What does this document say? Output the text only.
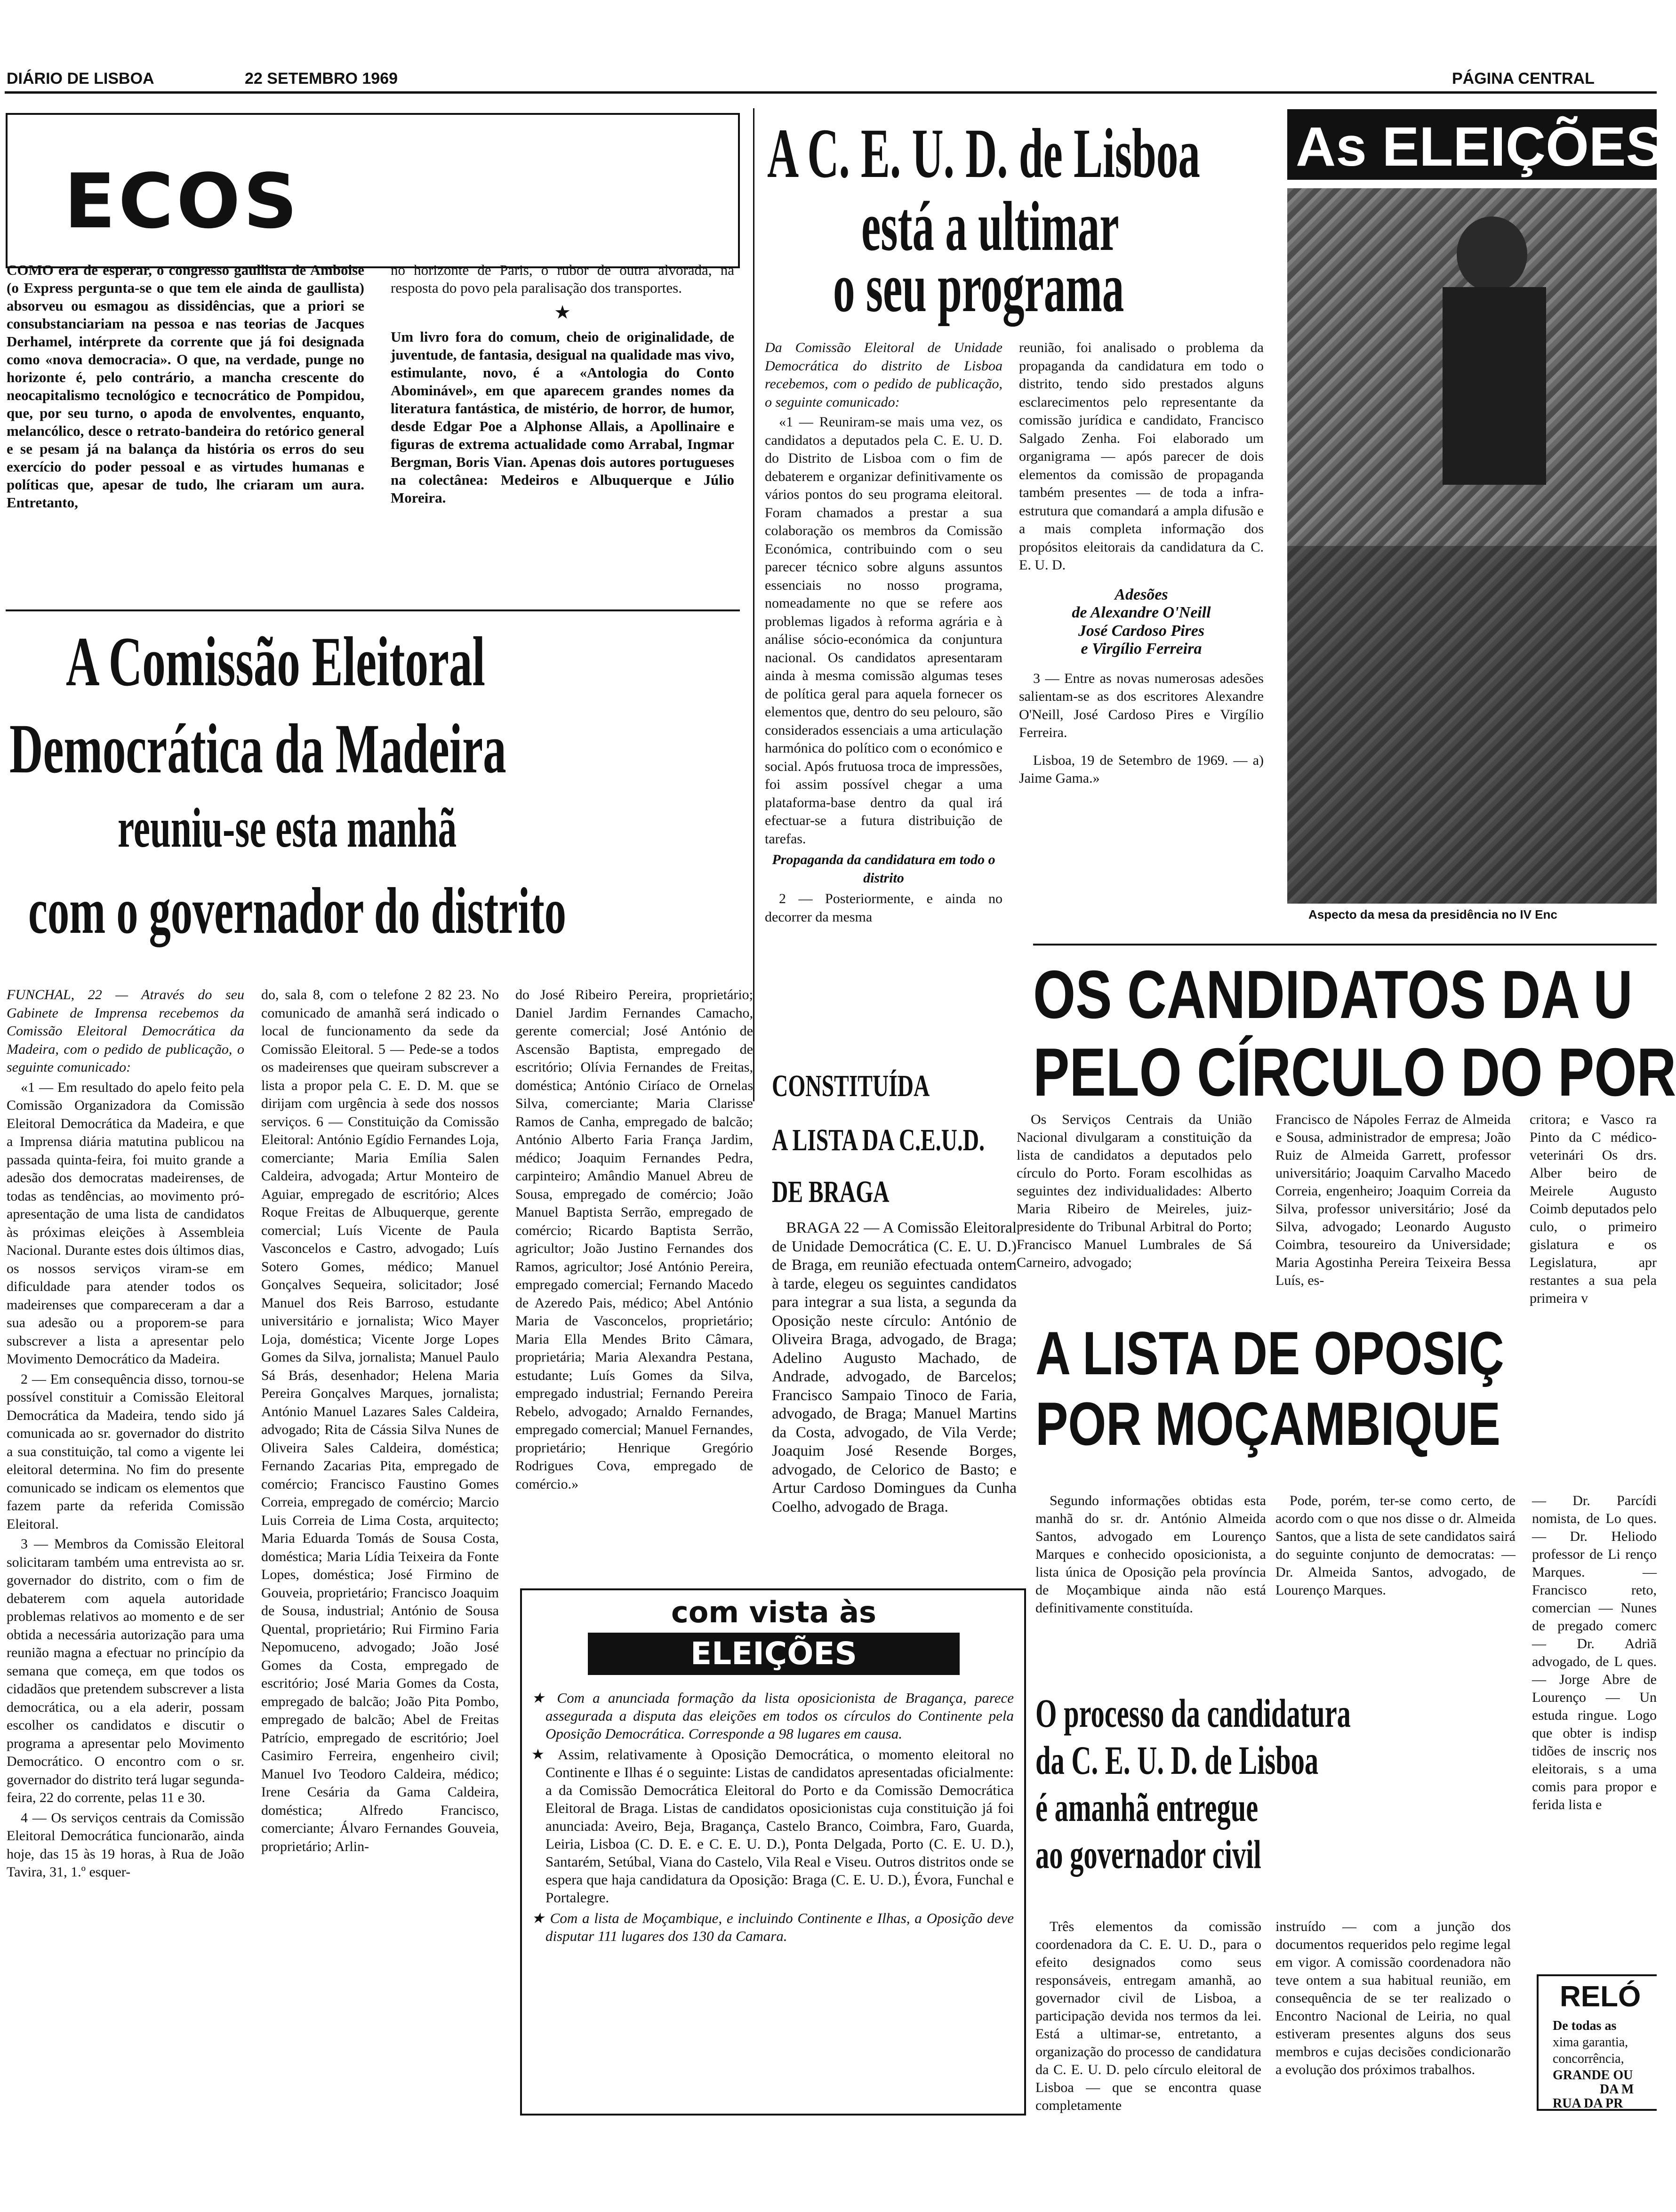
DIÁRIO DE LISBOA	22 SETEMBRO 1969	PÁGINA CENTRAL
ECOS
COMO era de esperar, o congresso gaullista de Amboise (o Express pergunta-se o que tem ele ainda de gaullista) absorveu ou esmagou as dissidências, que a priori se consubstanciariam na pessoa e nas teorias de Jacques Derhamel, intérprete da corrente que já foi designada como «nova democracia». O que, na verdade, punge no horizonte é, pelo contrário, a mancha crescente do neocapitalismo tecnológico e tecnocrático de Pompidou, que, por seu turno, o apoda de envolventes, enquanto, melancólico, desce o retrato-bandeira do retórico general e se pesam já na balança da história os erros do seu exercício do poder pessoal e as virtudes humanas e políticas que, apesar de tudo, lhe criaram um aura. Entretanto,
no horizonte de Paris, o rubor de outra alvorada, na resposta do povo pela paralisação dos transportes.
★
Um livro fora do comum, cheio de originalidade, de juventude, de fantasia, desigual na qualidade mas vivo, estimulante, novo, é a «Antologia do Conto Abominável», em que aparecem grandes nomes da literatura fantástica, de mistério, de horror, de humor, desde Edgar Poe a Alphonse Allais, a Apollinaire e figuras de extrema actualidade como Arrabal, Ingmar Bergman, Boris Vian. Apenas dois autores portugueses na colectânea: Medeiros e Albuquerque e Júlio Moreira.
A Comissão Eleitoral
Democrática da Madeira
reuniu-se esta manhã
com o governador do distrito

FUNCHAL, 22 — Através do seu Gabinete de Imprensa recebemos da Comissão Eleitoral Democrática da Madeira, com o pedido de publicação, o seguinte comunicado:

«1 — Em resultado do apelo feito pela Comissão Organizadora da Comissão Eleitoral Democrática da Madeira, e que a Imprensa diária matutina publicou na passada quinta-feira, foi muito grande a adesão dos democratas madeirenses, de todas as tendências, ao movimento pró-apresentação de uma lista de candidatos às próximas eleições à Assembleia Nacional. Durante estes dois últimos dias, os nossos serviços viram-se em dificuldade para atender todos os madeirenses que compareceram a dar a sua adesão ou a proporem-se para subscrever a lista a apresentar pelo Movimento Democrático da Madeira.

2 — Em consequência disso, tornou-se possível constituir a Comissão Eleitoral Democrática da Madeira, tendo sido já comunicada ao sr. governador do distrito a sua constituição, tal como a vigente lei eleitoral determina. No fim do presente comunicado se indicam os elementos que fazem parte da referida Comissão Eleitoral.

3 — Membros da Comissão Eleitoral solicitaram também uma entrevista ao sr. governador do distrito, com o fim de debaterem com aquela autoridade problemas relativos ao momento e de ser obtida a necessária autorização para uma reunião magna a efectuar no princípio da semana que começa, em que todos os cidadãos que pretendem subscrever a lista democrática, ou a ela aderir, possam escolher os candidatos e discutir o programa a apresentar pelo Movimento Democrático. O encontro com o sr. governador do distrito terá lugar segunda-feira, 22 do corrente, pelas 11 e 30.

4 — Os serviços centrais da Comissão Eleitoral Democrática funcionarão, ainda hoje, das 15 às 19 horas, à Rua de João Tavira, 31, 1.º esquer-

do, sala 8, com o telefone 2 82 23. No comunicado de amanhã será indicado o local de funcionamento da sede da Comissão Eleitoral. 5 — Pede-se a todos os madeirenses que queiram subscrever a lista a propor pela C. E. D. M. que se dirijam com urgência à sede dos nossos serviços. 6 — Constituição da Comissão Eleitoral: António Egídio Fernandes Loja, comerciante; Maria Emília Salen Caldeira, advogada; Artur Monteiro de Aguiar, empregado de escritório; Alces Roque Freitas de Albuquerque, gerente comercial; Luís Vicente de Paula Vasconcelos e Castro, advogado; Luís Sotero Gomes, médico; Manuel Gonçalves Sequeira, solicitador; José Manuel dos Reis Barroso, estudante universitário e jornalista; Wico Mayer Loja, doméstica; Vicente Jorge Lopes Gomes da Silva, jornalista; Manuel Paulo Sá Brás, desenhador; Helena Maria Pereira Gonçalves Marques, jornalista; António Manuel Lazares Sales Caldeira, advogado; Rita de Cássia Silva Nunes de Oliveira Sales Caldeira, doméstica; Fernando Zacarias Pita, empregado de comércio; Francisco Faustino Gomes Correia, empregado de comércio; Marcio Luis Correia de Lima Costa, arquitecto; Maria Eduarda Tomás de Sousa Costa, doméstica; Maria Lídia Teixeira da Fonte Lopes, doméstica; José Firmino de Gouveia, proprietário; Francisco Joaquim de Sousa, industrial; António de Sousa Quental, proprietário; Rui Firmino Faria Nepomuceno, advogado; João José Gomes da Costa, empregado de escritório; José Maria Gomes da Costa, empregado de balcão; João Pita Pombo, empregado de balcão; Abel de Freitas Patrício, empregado de escritório; Joel Casimiro Ferreira, engenheiro civil; Manuel Ivo Teodoro Caldeira, médico; Irene Cesária da Gama Caldeira, doméstica; Alfredo Francisco, comerciante; Álvaro Fernandes Gouveia, proprietário; Arlin-

do José Ribeiro Pereira, proprietário; Daniel Jardim Fernandes Camacho, gerente comercial; José António de Ascensão Baptista, empregado de escritório; Olívia Fernandes de Freitas, doméstica; António Ciríaco de Ornelas Silva, comerciante; Maria Clarisse Ramos de Canha, empregado de balcão; António Alberto Faria França Jardim, médico; Joaquim Fernandes Pedra, carpinteiro; Amândio Manuel Abreu de Sousa, empregado de comércio; João Manuel Baptista Serrão, empregado de comércio; Ricardo Baptista Serrão, agricultor; João Justino Fernandes dos Ramos, agricultor; José António Pereira, empregado comercial; Fernando Macedo de Azeredo Pais, médico; Abel António Maria de Vasconcelos, proprietário; Maria Ella Mendes Brito Câmara, proprietária; Maria Alexandra Pestana, estudante; Luís Gomes da Silva, empregado industrial; Fernando Pereira Rebelo, advogado; Arnaldo Fernandes, empregado comercial; Manuel Fernandes, proprietário; Henrique Gregório Rodrigues Cova, empregado de comércio.»

A C. E. U. D. de Lisboa
está a ultimar
o seu programa

Da Comissão Eleitoral de Unidade Democrática do distrito de Lisboa recebemos, com o pedido de publicação, o seguinte comunicado:

«1 — Reuniram-se mais uma vez, os candidatos a deputados pela C. E. U. D. do Distrito de Lisboa com o fim de debaterem e organizar definitivamente os vários pontos do seu programa eleitoral. Foram chamados a prestar a sua colaboração os membros da Comissão Económica, contribuindo com o seu parecer técnico sobre alguns assuntos essenciais no nosso programa, nomeadamente no que se refere aos problemas ligados à reforma agrária e à análise sócio-económica da conjuntura nacional. Os candidatos apresentaram ainda à mesma comissão algumas teses de política geral para aquela fornecer os elementos que, dentro do seu pelouro, são considerados essenciais a uma articulação harmónica do político com o económico e social. Após frutuosa troca de impressões, foi assim possível chegar a uma plataforma-base dentro da qual irá efectuar-se a futura distribuição de tarefas.

Propaganda da candidatura em todo o distrito

2 — Posteriormente, e ainda no decorrer da mesma

reunião, foi analisado o problema da propaganda da candidatura em todo o distrito, tendo sido prestados alguns esclarecimentos pelo representante da comissão jurídica e candidato, Francisco Salgado Zenha. Foi elaborado um organigrama — após parecer de dois elementos da comissão de propaganda também presentes — de toda a infra-estrutura que comandará a ampla difusão e a mais completa informação dos propósitos eleitorais da candidatura da C. E. U. D.

Adesões
de Alexandre O'Neill
José Cardoso Pires
e Virgílio Ferreira

3 — Entre as novas numerosas adesões salientam-se as dos escritores Alexandre O'Neill, José Cardoso Pires e Virgílio Ferreira.

Lisboa, 19 de Setembro de 1969. — a) Jaime Gama.»

CONSTITUÍDA
A LISTA DA C.E.U.D.
DE BRAGA

BRAGA 22 — A Comissão Eleitoral de Unidade Democrática (C. E. U. D.) de Braga, em reunião efectuada ontem à tarde, elegeu os seguintes candidatos para integrar a sua lista, a segunda da Oposição neste círculo: António de Oliveira Braga, advogado, de Braga; Adelino Augusto Machado, de Andrade, advogado, de Barcelos; Francisco Sampaio Tinoco de Faria, advogado, de Braga; Manuel Martins da Costa, advogado, de Vila Verde; Joaquim José Resende Borges, advogado, de Celorico de Basto; e Artur Cardoso Domingues da Cunha Coelho, advogado de Braga.

com vista às
ELEIÇÕES
★ Com a anunciada formação da lista oposicionista de Bragança, parece assegurada a disputa das eleições em todos os círculos do Continente pela Oposição Democrática. Corresponde a 98 lugares em causa.
★ Assim, relativamente à Oposição Democrática, o momento eleitoral no Continente e Ilhas é o seguinte: Listas de candidatos apresentadas oficialmente: a da Comissão Democrática Eleitoral do Porto e da Comissão Democrática Eleitoral de Braga. Listas de candidatos oposicionistas cuja constituição já foi anunciada: Aveiro, Beja, Bragança, Castelo Branco, Coimbra, Faro, Guarda, Leiria, Lisboa (C. D. E. e C. E. U. D.), Ponta Delgada, Porto (C. E. U. D.), Santarém, Setúbal, Viana do Castelo, Vila Real e Viseu. Outros distritos onde se espera que haja candidatura da Oposição: Braga (C. E. U. D.), Évora, Funchal e Portalegre.
★ Com a lista de Moçambique, e incluindo Continente e Ilhas, a Oposição deve disputar 111 lugares dos 130 da Camara.
As ELEIÇÕES
Aspecto da mesa da presidência no IV Enc
OS CANDIDATOS DA U
PELO CÍRCULO DO POR

Os Serviços Centrais da União Nacional divulgaram a constituição da lista de candidatos a deputados pelo círculo do Porto. Foram escolhidas as seguintes dez individualidades: Alberto Maria Ribeiro de Meireles, juiz-presidente do Tribunal Arbitral do Porto; Francisco Manuel Lumbrales de Sá Carneiro, advogado;

Francisco de Nápoles Ferraz de Almeida e Sousa, administrador de empresa; João Ruiz de Almeida Garrett, professor universitário; Joaquim Carvalho Macedo Correia, engenheiro; Joaquim Correia da Silva, professor universitário; José da Silva, advogado; Leonardo Augusto Coimbra, tesoureiro da Universidade; Maria Agostinha Pereira Teixeira Bessa Luís, es-

critora; e Vasco ra Pinto da C médico-veterinári Os drs. Alber beiro de Meirele Augusto Coimb deputados pelo culo, o primeiro gislatura e os Legislatura, apr restantes a sua pela primeira v

A LISTA DE OPOSIÇ
POR MOÇAMBIQUE

Segundo informações obtidas esta manhã do sr. dr. António Almeida Santos, advogado em Lourenço Marques e conhecido oposicionista, a lista única de Oposição pela província de Moçambique ainda não está definitivamente constituída.

Pode, porém, ter-se como certo, de acordo com o que nos disse o dr. Almeida Santos, que a lista de sete candidatos sairá do seguinte conjunto de democratas: —Dr. Almeida Santos, advogado, de Lourenço Marques.

— Dr. Parcídi nomista, de Lo ques. — Dr. Heliodo professor de Li renço Marques. — Francisco reto, comercian — Nunes de pregado comerc — Dr. Adriã advogado, de L ques. — Jorge Abre de Lourenço — Un estuda ringue. Logo que obter is indisp tidões de inscriç nos eleitorais, s a uma comis para propor e ferida lista e

O processo da candidatura
da C. E. U. D. de Lisboa
é amanhã entregue
ao governador civil

Três elementos da comissão coordenadora da C. E. U. D., para o efeito designados como seus responsáveis, entregam amanhã, ao governador civil de Lisboa, a participação devida nos termos da lei. Está a ultimar-se, entretanto, a organização do processo de candidatura da C. E. U. D. pelo círculo eleitoral de Lisboa — que se encontra quase completamente

instruído — com a junção dos documentos requeridos pelo regime legal em vigor. A comissão coordenadora não teve ontem a sua habitual reunião, em consequência de se ter realizado o Encontro Nacional de Leiria, no qual estiveram presentes alguns dos seus membros e cujas decisões condicionarão a evolução dos próximos trabalhos.

RELÓ
De todas as
xima garantia,
concorrência,
GRANDE OU
DA M
RUA DA PR
